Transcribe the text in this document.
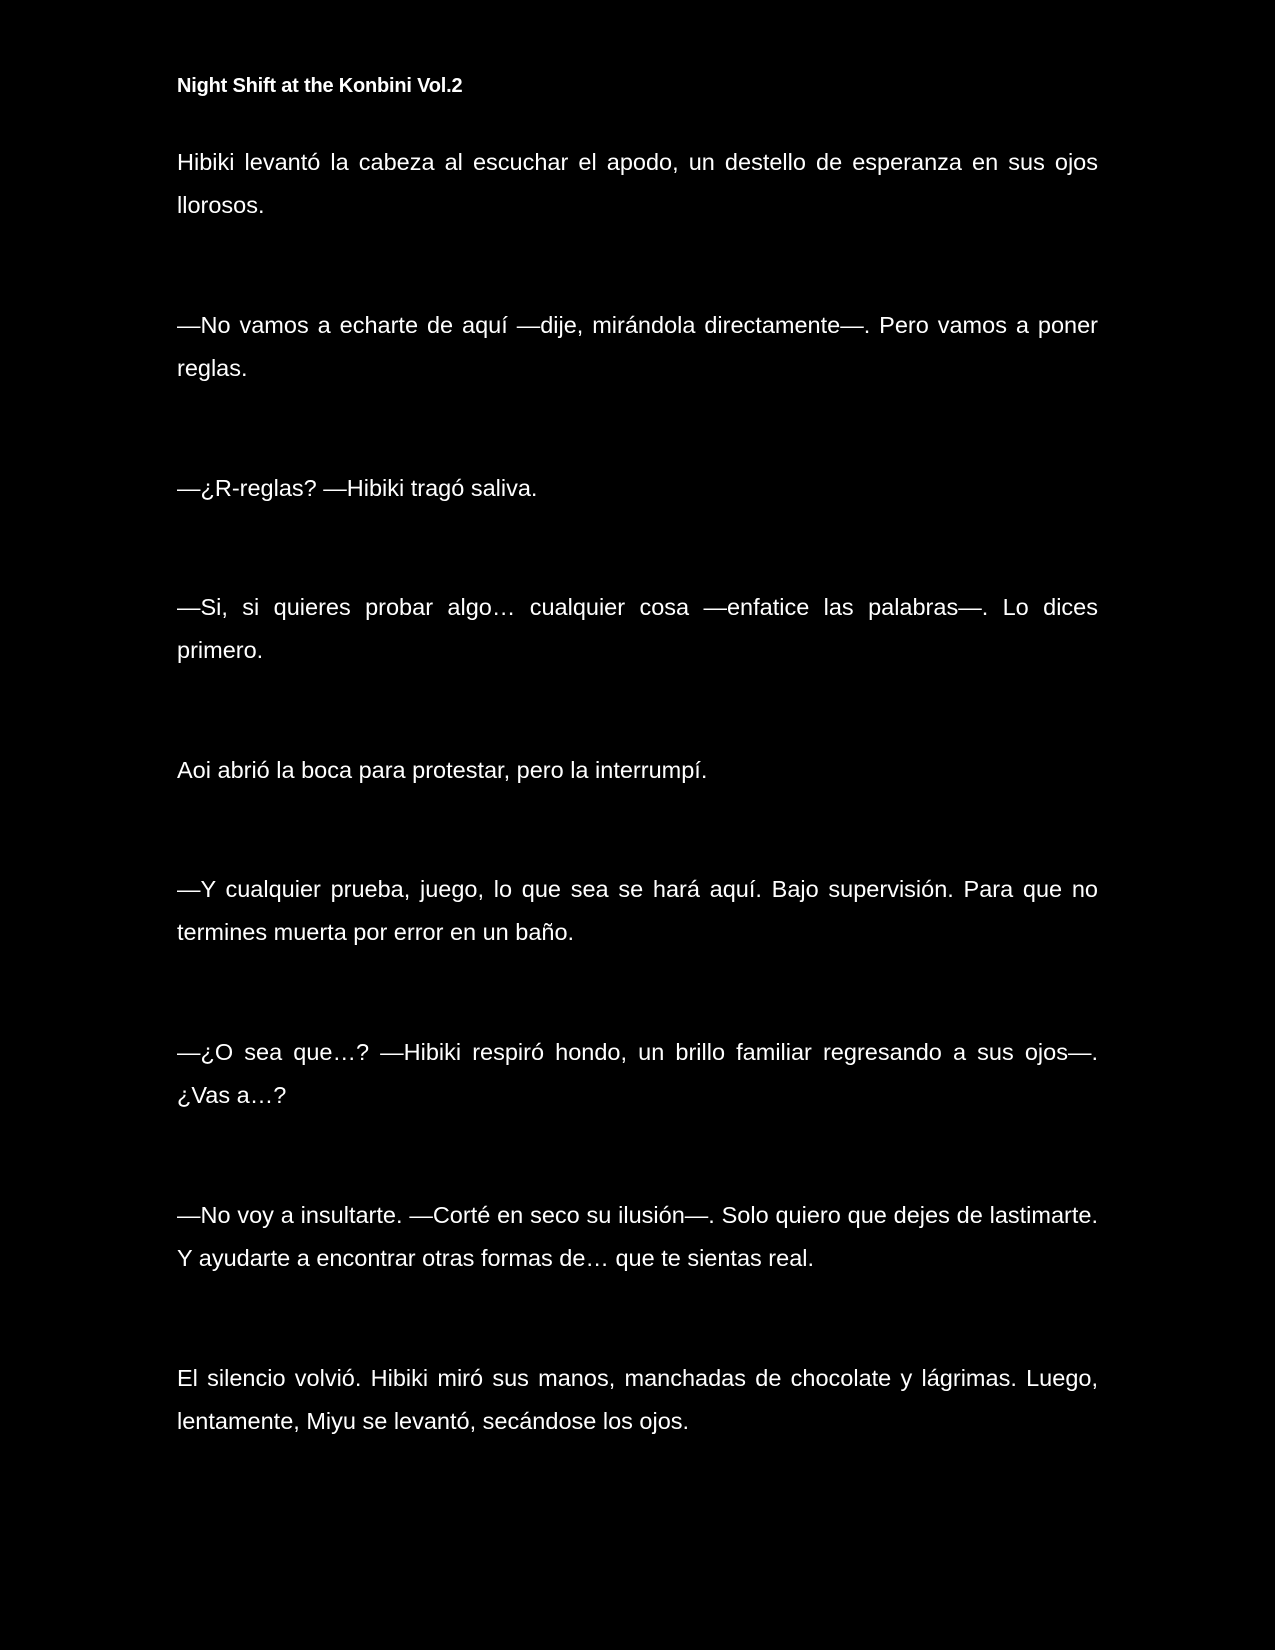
Night Shift at the Konbini Vol.2

Hibiki levantó la cabeza al escuchar el apodo, un destello de esperanza en sus ojos llorosos.

—No vamos a echarte de aquí —dije, mirándola directamente—. Pero vamos a poner reglas.

—¿R-reglas? —Hibiki tragó saliva.

—Si, si quieres probar algo… cualquier cosa —enfatice las palabras—. Lo dices primero.

Aoi abrió la boca para protestar, pero la interrumpí.

—Y cualquier prueba, juego, lo que sea se hará aquí. Bajo supervisión. Para que no termines muerta por error en un baño.

—¿O sea que…? —Hibiki respiró hondo, un brillo familiar regresando a sus ojos—. ¿Vas a…?

—No voy a insultarte. —Corté en seco su ilusión—. Solo quiero que dejes de lastimarte. Y ayudarte a encontrar otras formas de… que te sientas real.

El silencio volvió. Hibiki miró sus manos, manchadas de chocolate y lágrimas. Luego, lentamente, Miyu se levantó, secándose los ojos.
